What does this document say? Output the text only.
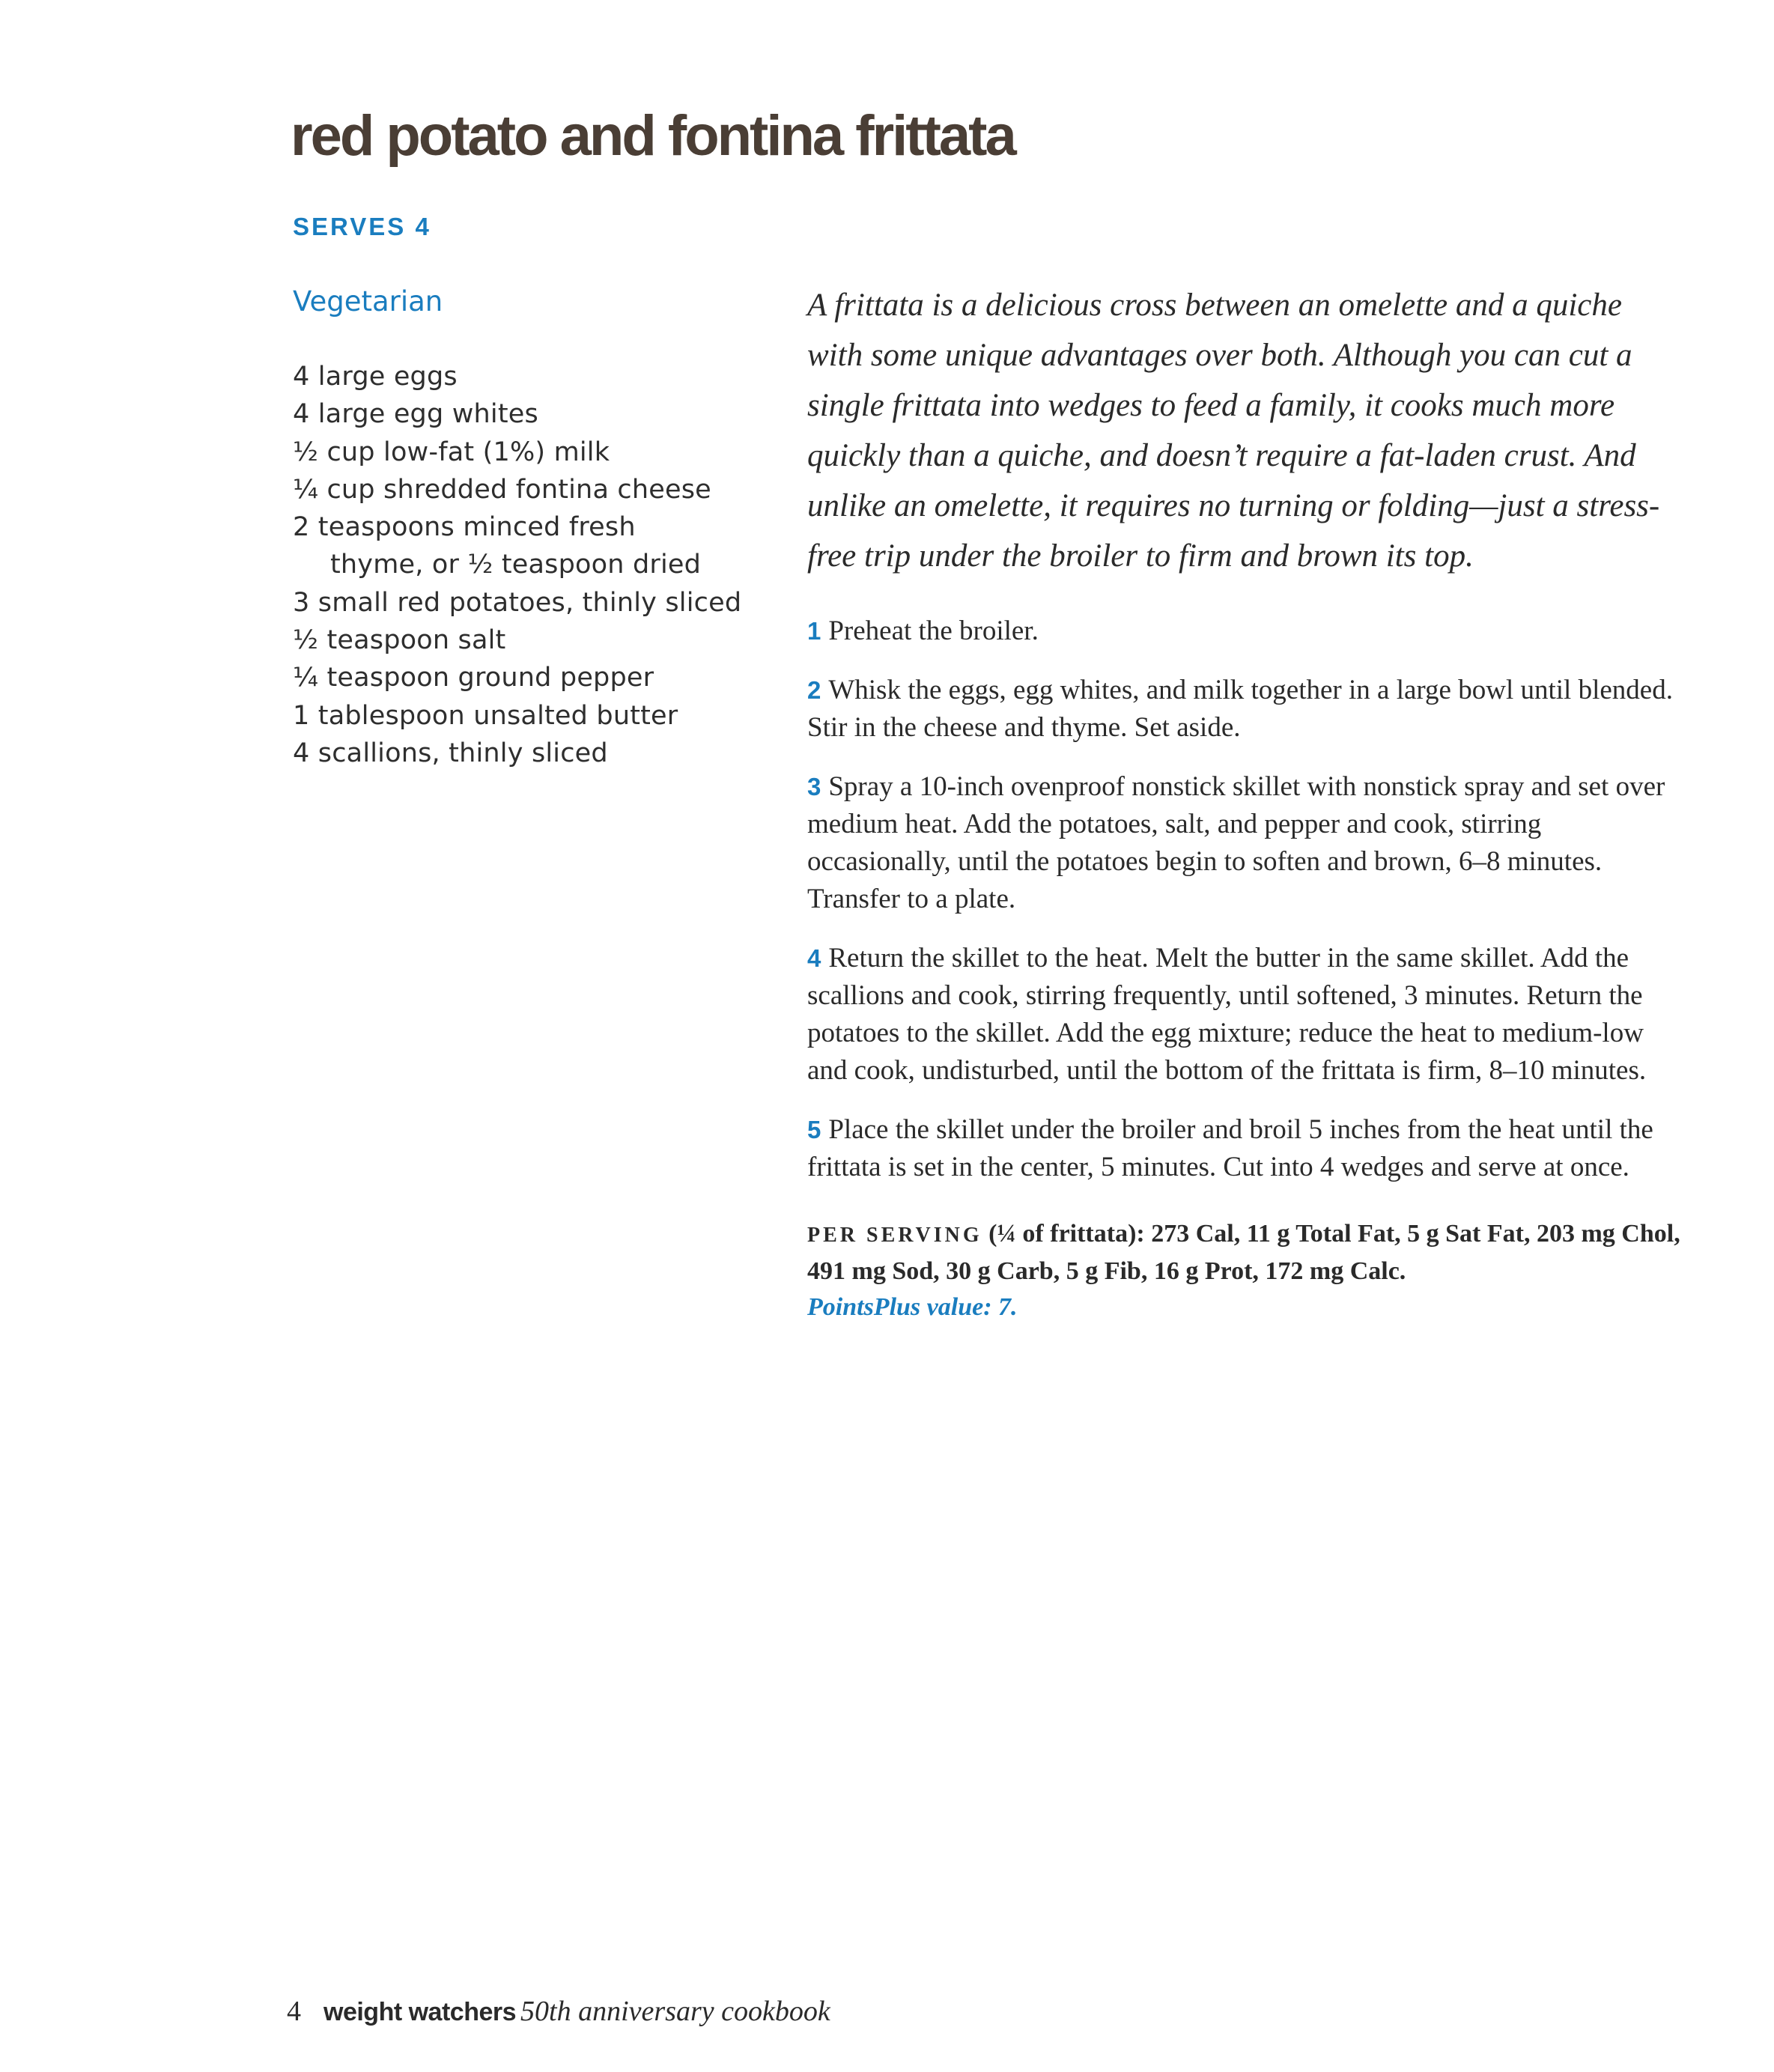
red potato and fontina frittata
SERVES 4
Vegetarian
4 large eggs
4 large egg whites
½ cup low-fat (1%) milk
¼ cup shredded fontina cheese
2 teaspoons minced fresh
thyme, or ½ teaspoon dried
3 small red potatoes, thinly sliced
½ teaspoon salt
¼ teaspoon ground pepper
1 tablespoon unsalted butter
4 scallions, thinly sliced

A frittata is a delicious cross between an omelette and a quiche with some unique advantages over both. Although you can cut a single frittata into wedges to feed a family, it cooks much more quickly than a quiche, and doesn’t require a fat-laden crust. And unlike an omelette, it requires no turning or folding—just a stress-free trip under the broiler to firm and brown its top.

1 Preheat the broiler.
2 Whisk the eggs, egg whites, and milk together in a large bowl until blended. Stir in the cheese and thyme. Set aside.
3 Spray a 10-inch ovenproof nonstick skillet with nonstick spray and set over medium heat. Add the potatoes, salt, and pepper and cook, stirring occasionally, until the potatoes begin to soften and brown, 6–8 minutes. Transfer to a plate.
4 Return the skillet to the heat. Melt the butter in the same skillet. Add the scallions and cook, stirring frequently, until softened, 3 minutes. Return the potatoes to the skillet. Add the egg mixture; reduce the heat to medium-low and cook, undisturbed, until the bottom of the frittata is firm, 8–10 minutes.
5 Place the skillet under the broiler and broil 5 inches from the heat until the frittata is set in the center, 5 minutes. Cut into 4 wedges and serve at once.
PER SERVING (¼ of frittata): 273 Cal, 11 g Total Fat, 5 g Sat Fat, 203 mg Chol, 491 mg Sod, 30 g Carb, 5 g Fib, 16 g Prot, 172 mg Calc.
PointsPlus value: 7.
4 weight watchers 50th anniversary cookbook
